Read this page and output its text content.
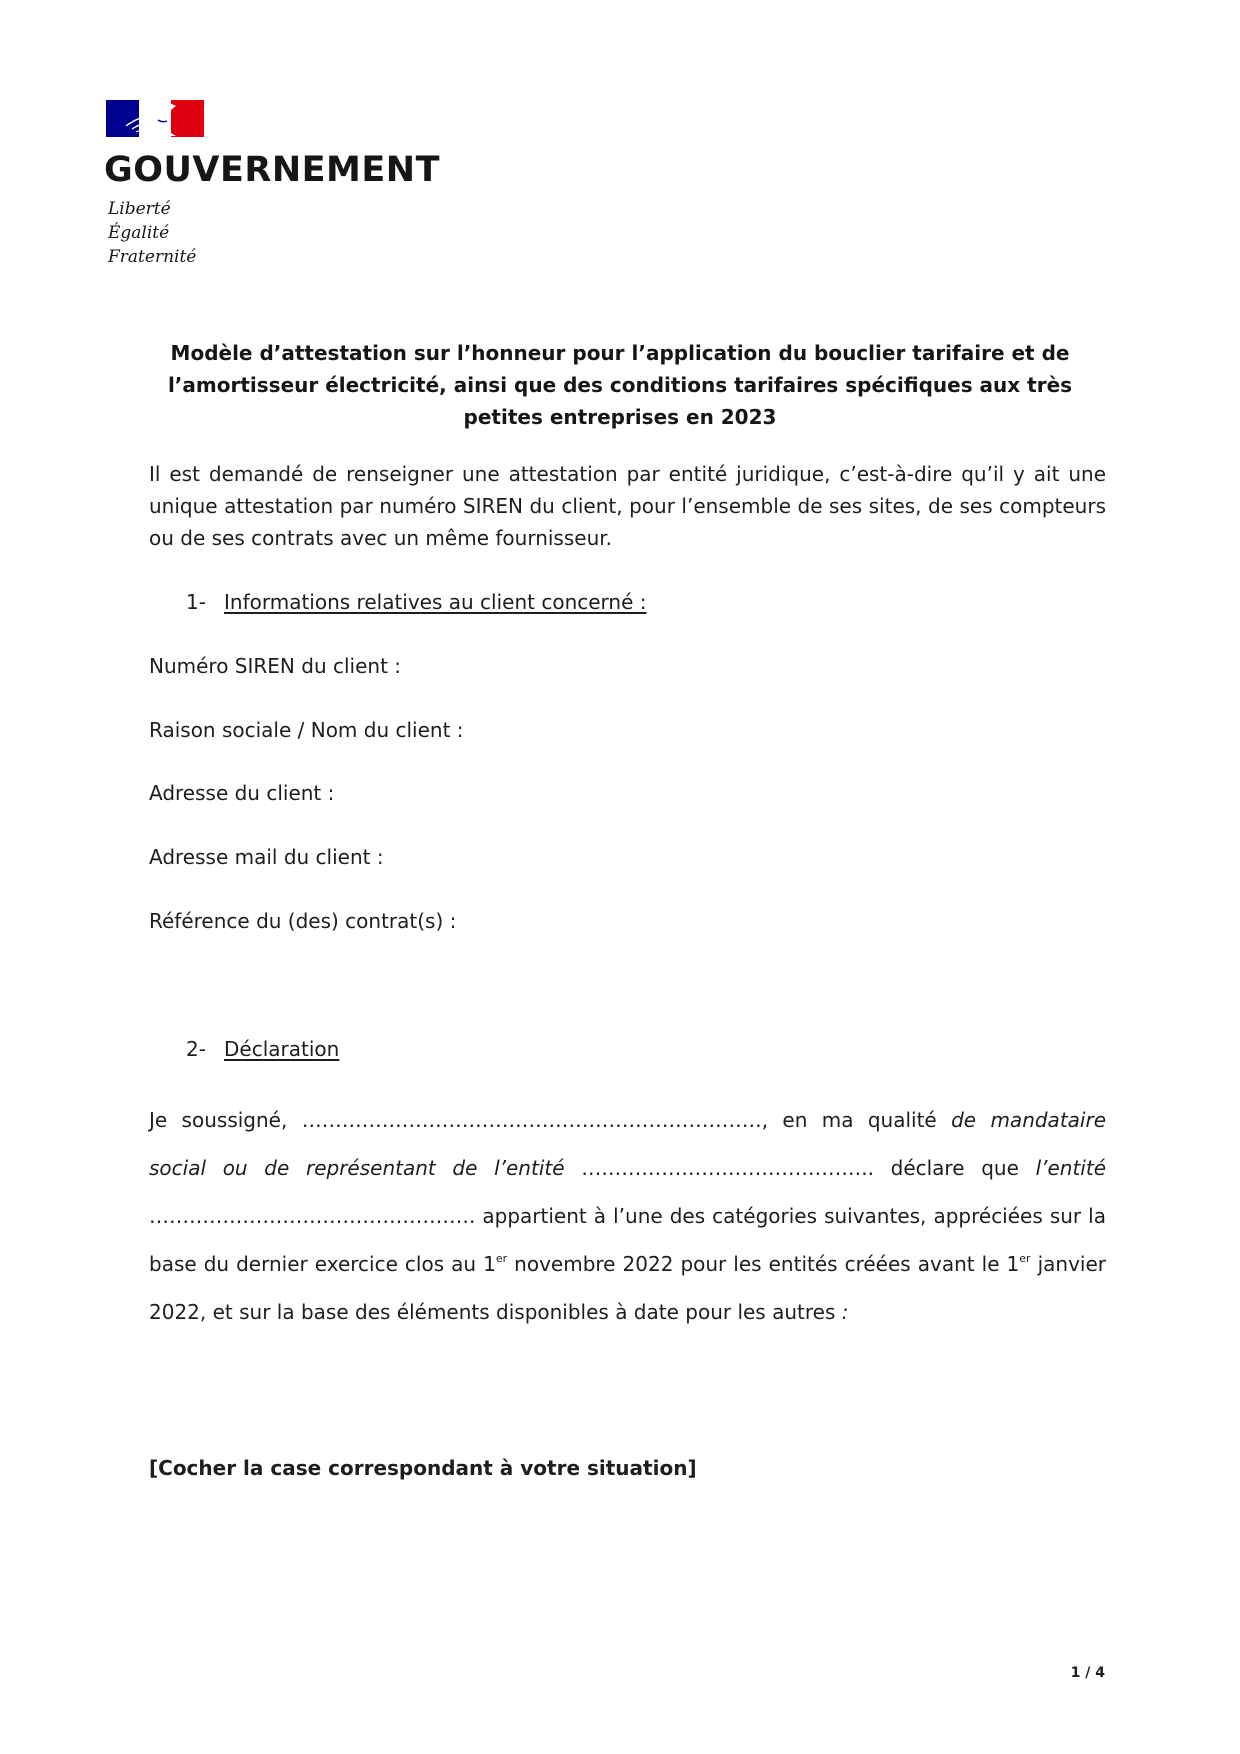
GOUVERNEMENT
Liberté
Égalité
Fraternité
Modèle d’attestation sur l’honneur pour l’application du bouclier tarifaire et de l’amortisseur électricité, ainsi que des conditions tarifaires spécifiques aux très petites entreprises en 2023
Il est demandé de renseigner une attestation par entité juridique, c’est-à-dire qu’il y ait une unique attestation par numéro SIREN du client, pour l’ensemble de ses sites, de ses compteurs ou de ses contrats avec un même fournisseur.
1- Informations relatives au client concerné :
Numéro SIREN du client :
Raison sociale / Nom du client :
Adresse du client :
Adresse mail du client :
Référence du (des) contrat(s) :
2- Déclaration
Je soussigné, ……………………………………………………………, en ma qualité de mandataire social ou de représentant de l’entité …………………………………….. déclare que l’entité …………………………………………. appartient à l’une des catégories suivantes, appréciées sur la base du dernier exercice clos au 1er novembre 2022 pour les entités créées avant le 1er janvier 2022, et sur la base des éléments disponibles à date pour les autres :
[Cocher la case correspondant à votre situation]
1 / 4
